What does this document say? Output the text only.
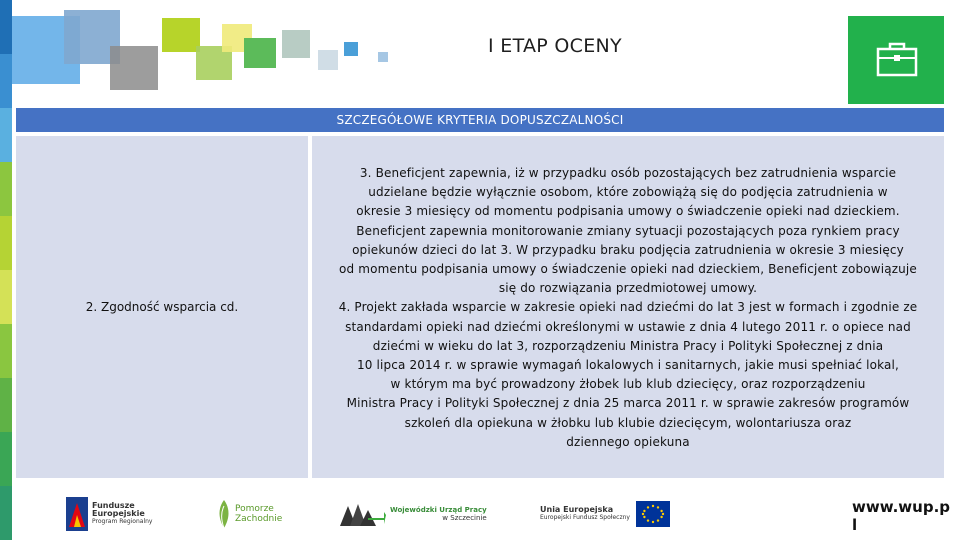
I ETAP OCENY
SZCZEGÓŁOWE KRYTERIA DOPUSZCZALNOŚCI
2. Zgodność wsparcia cd.

3. Beneficjent zapewnia, iż w przypadku osób pozostających bez zatrudnienia wsparcie

udzielane będzie wyłącznie osobom, które zobowiążą się do podjęcia zatrudnienia w

okresie 3 miesięcy od momentu podpisania umowy o świadczenie opieki nad dzieckiem.

Beneficjent zapewnia monitorowanie zmiany sytuacji pozostających poza rynkiem pracy

opiekunów dzieci do lat 3. W przypadku braku podjęcia zatrudnienia w okresie 3 miesięcy

od momentu podpisania umowy o świadczenie opieki nad dzieckiem, Beneficjent zobowiązuje

się do rozwiązania przedmiotowej umowy.

4. Projekt zakłada wsparcie w zakresie opieki nad dziećmi do lat 3 jest w formach i zgodnie ze

standardami opieki nad dziećmi określonymi w ustawie z dnia 4 lutego 2011 r. o opiece nad

dziećmi w wieku do lat 3, rozporządzeniu Ministra Pracy i Polityki Społecznej z dnia

10 lipca 2014 r. w sprawie wymagań lokalowych i sanitarnych, jakie musi spełniać lokal,

w którym ma być prowadzony żłobek lub klub dziecięcy, oraz rozporządzeniu

Ministra Pracy i Polityki Społecznej z dnia 25 marca 2011 r. w sprawie zakresów programów

szkoleń dla opiekuna w żłobku lub klubie dziecięcym, wolontariusza oraz

dziennego opiekuna

Fundusze
Europejskie
Program Regionalny
Pomorze
Zachodnie
Wojewódzki Urząd Pracy
w Szczecinie
Unia Europejska
Europejski Fundusz Społeczny
www.wup.p
l
